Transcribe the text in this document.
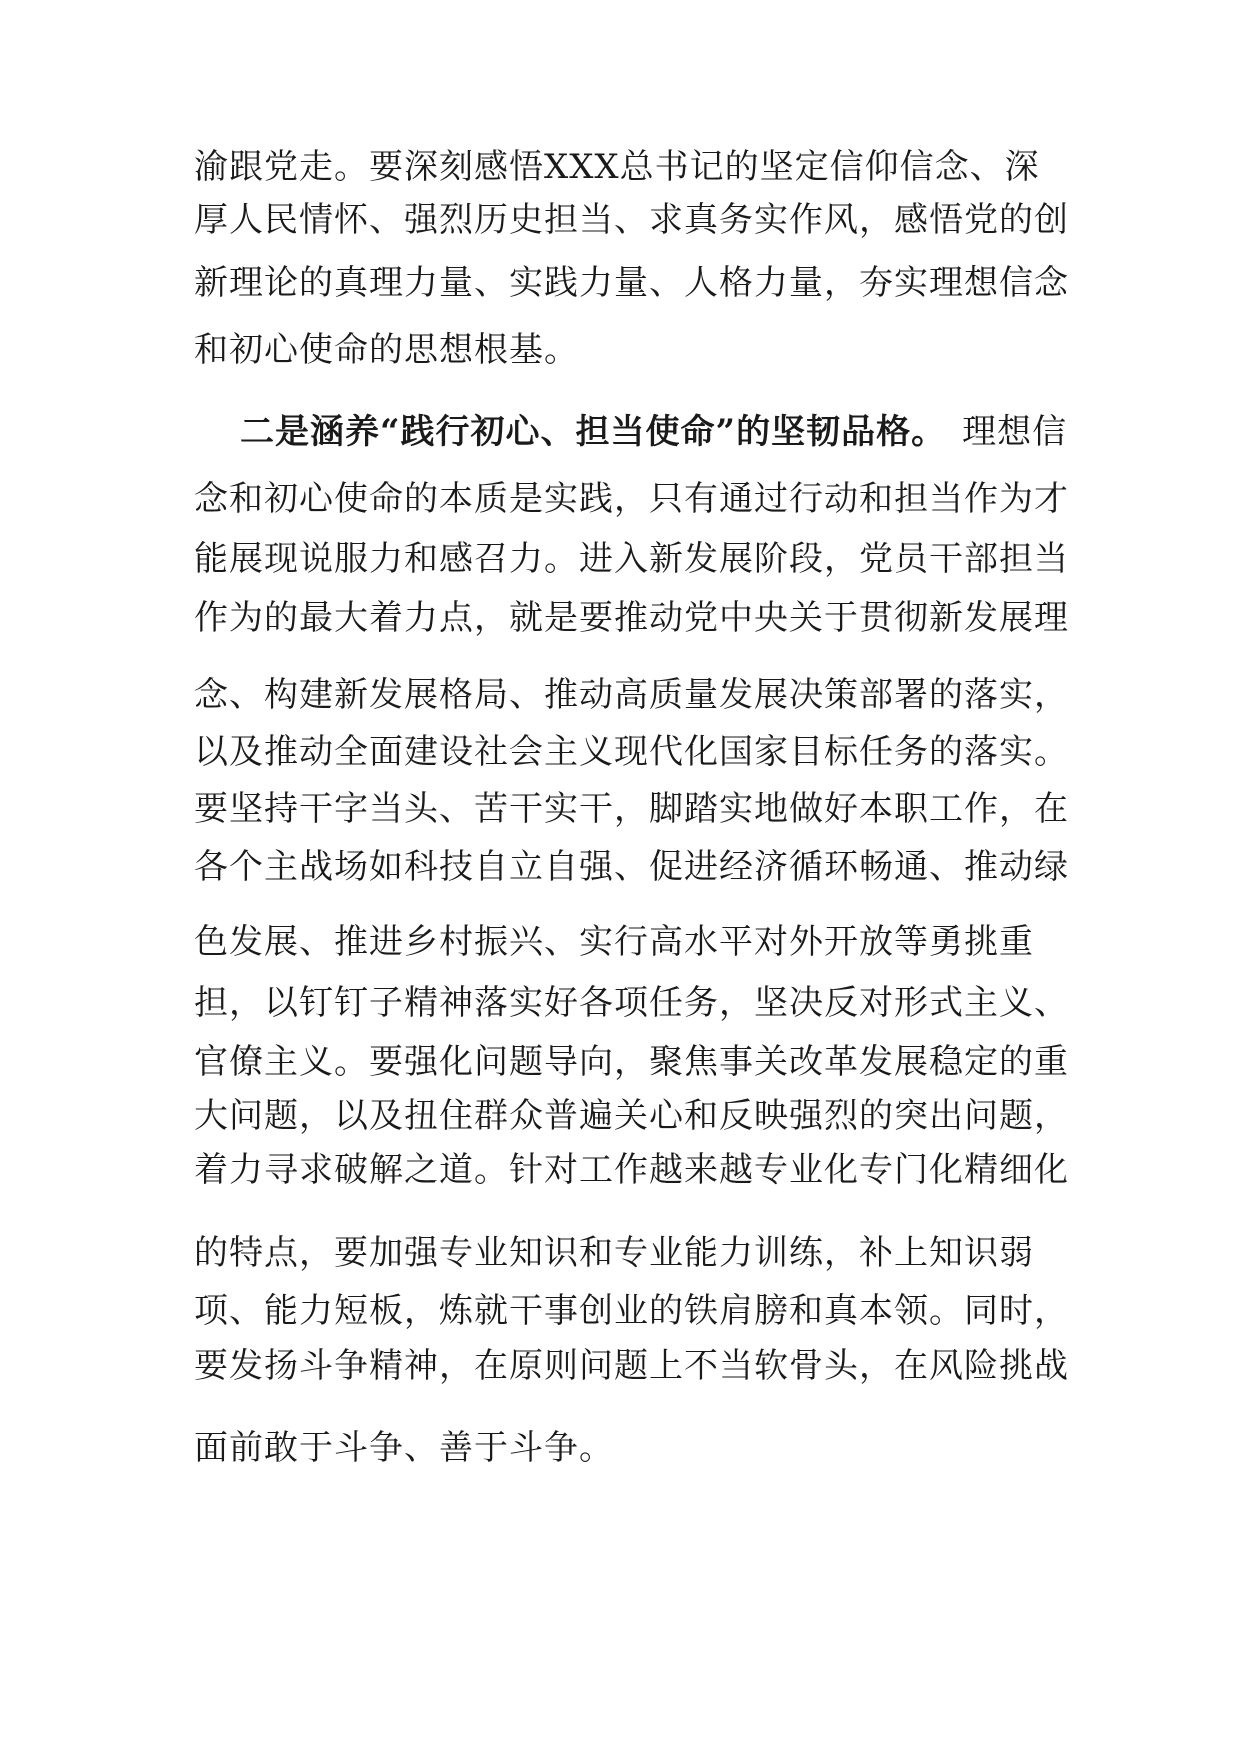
渝跟党走。要深刻感悟XXX总书记的坚定信仰信念、深

厚人民情怀、强烈历史担当、求真务实作风，感悟党的创

新理论的真理力量、实践力量、人格力量，夯实理想信念

和初心使命的思想根基。

二是涵养“践行初心、担当使命”的坚韧品格。 理想信

念和初心使命的本质是实践，只有通过行动和担当作为才

能展现说服力和感召力。进入新发展阶段，党员干部担当

作为的最大着力点，就是要推动党中央关于贯彻新发展理

念、构建新发展格局、推动高质量发展决策部署的落实，

以及推动全面建设社会主义现代化国家目标任务的落实。

要坚持干字当头、苦干实干，脚踏实地做好本职工作，在

各个主战场如科技自立自强、促进经济循环畅通、推动绿

色发展、推进乡村振兴、实行高水平对外开放等勇挑重

担，以钉钉子精神落实好各项任务，坚决反对形式主义、

官僚主义。要强化问题导向，聚焦事关改革发展稳定的重

大问题，以及扭住群众普遍关心和反映强烈的突出问题，

着力寻求破解之道。针对工作越来越专业化专门化精细化

的特点，要加强专业知识和专业能力训练，补上知识弱

项、能力短板，炼就干事创业的铁肩膀和真本领。同时，

要发扬斗争精神，在原则问题上不当软骨头，在风险挑战

面前敢于斗争、善于斗争。
